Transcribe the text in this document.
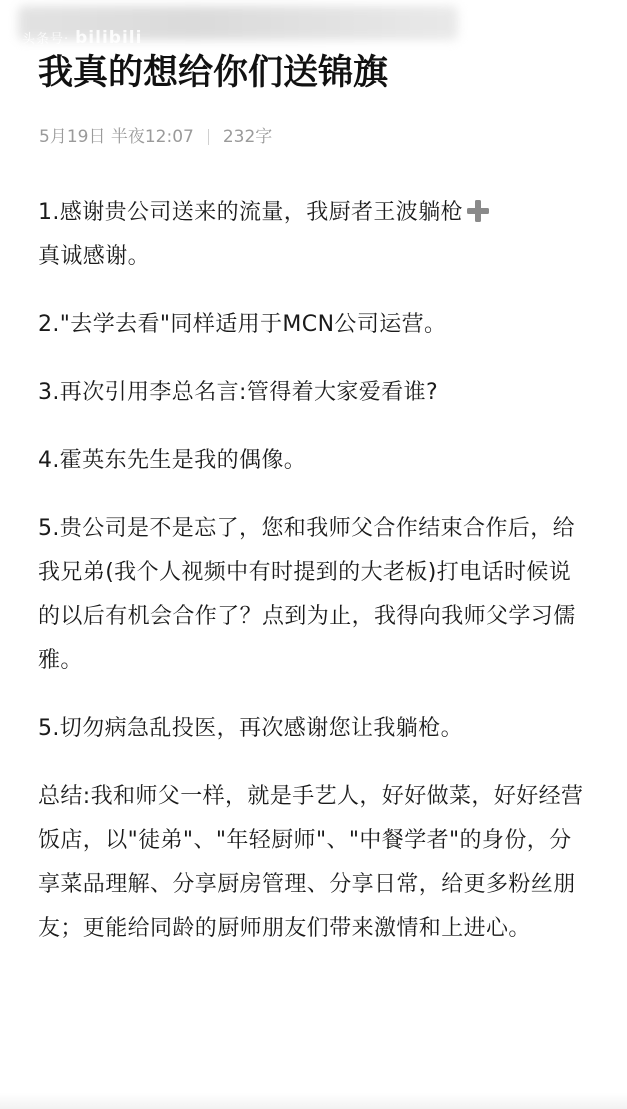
头条号· bilibili
我真的想给你们送锦旗
5月19日 半夜12:07 232字

1.感谢贵公司送来的流量，我厨者王波躺枪
真诚感谢。

2."去学去看"同样适用于MCN公司运营。

3.再次引用李总名言:管得着大家爱看谁?

4.霍英东先生是我的偶像。

5.贵公司是不是忘了，您和我师父合作结束合作后，给我兄弟(我个人视频中有时提到的大老板)打电话时候说的以后有机会合作了？点到为止，我得向我师父学习儒雅。

5.切勿病急乱投医，再次感谢您让我躺枪。

总结:我和师父一样，就是手艺人，好好做菜，好好经营饭店，以"徒弟"、"年轻厨师"、"中餐学者"的身份，分享菜品理解、分享厨房管理、分享日常，给更多粉丝朋友；更能给同龄的厨师朋友们带来激情和上进心。
